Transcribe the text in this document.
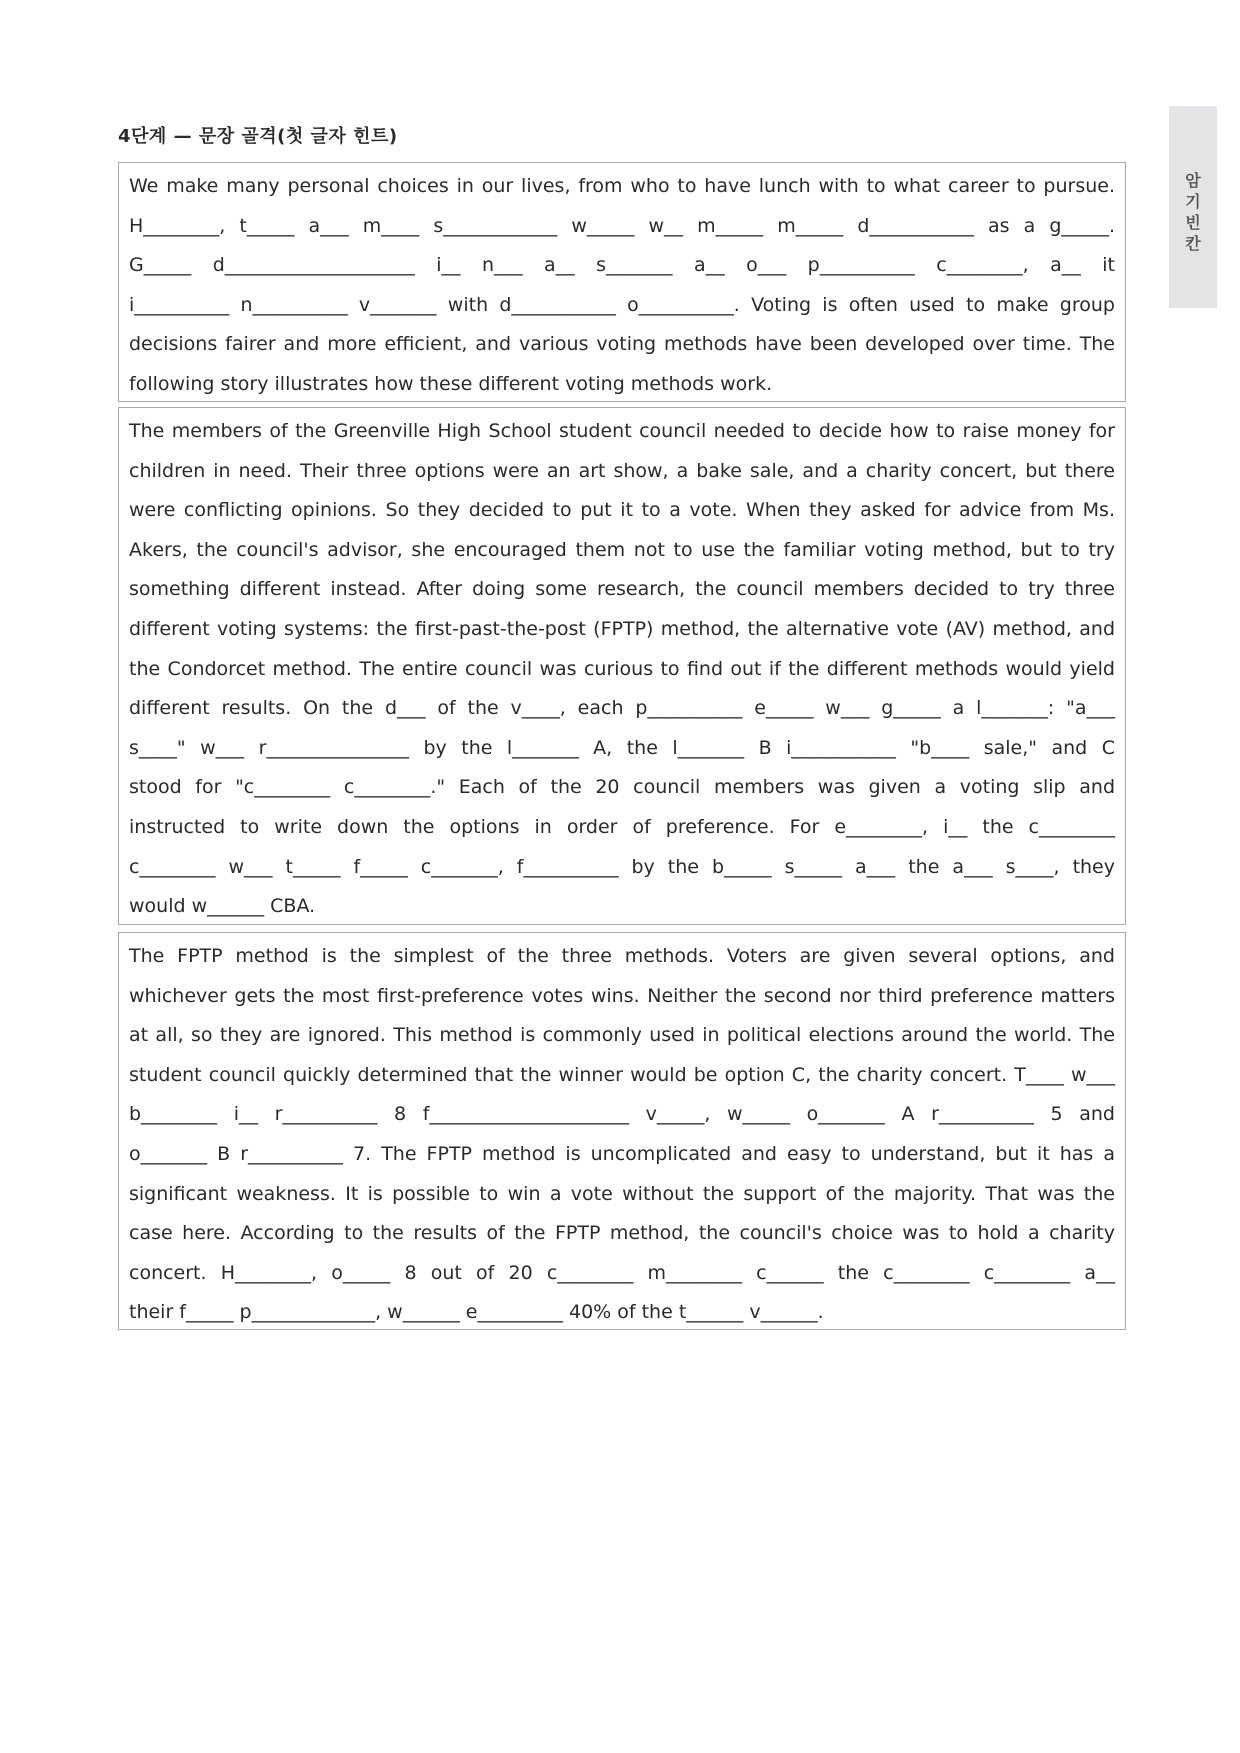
4단계 — 문장 골격(첫 글자 힌트)
암
기
빈
칸
We make many personal choices in our lives, from who to have lunch with to what career to pursue.
H________, t_____ a___ m____ s____________ w_____ w__ m_____ m_____ d___________ as a g_____.
G_____ d____________________ i__ n___ a__ s_______ a__ o___ p__________ c________, a__ it
i__________ n__________ v_______ with d___________ o__________. Voting is often used to make group
decisions fairer and more efficient, and various voting methods have been developed over time. The
following story illustrates how these different voting methods work.
The members of the Greenville High School student council needed to decide how to raise money for
children in need. Their three options were an art show, a bake sale, and a charity concert, but there
were conflicting opinions. So they decided to put it to a vote. When they asked for advice from Ms.
Akers, the council's advisor, she encouraged them not to use the familiar voting method, but to try
something different instead. After doing some research, the council members decided to try three
different voting systems: the first-past-the-post (FPTP) method, the alternative vote (AV) method, and
the Condorcet method. The entire council was curious to find out if the different methods would yield
different results. On the d___ of the v____, each p__________ e_____ w___ g_____ a l_______: "a___
s____" w___ r_______________ by the l_______ A, the l_______ B i___________ "b____ sale," and C
stood for "c________ c________." Each of the 20 council members was given a voting slip and
instructed to write down the options in order of preference. For e________, i__ the c________
c________ w___ t_____ f_____ c_______, f__________ by the b_____ s_____ a___ the a___ s____, they
would w______ CBA.
The FPTP method is the simplest of the three methods. Voters are given several options, and
whichever gets the most first-preference votes wins. Neither the second nor third preference matters
at all, so they are ignored. This method is commonly used in political elections around the world. The
student council quickly determined that the winner would be option C, the charity concert. T____ w___
b________ i__ r__________ 8 f_____________________ v_____, w_____ o_______ A r__________ 5 and
o_______ B r__________ 7. The FPTP method is uncomplicated and easy to understand, but it has a
significant weakness. It is possible to win a vote without the support of the majority. That was the
case here. According to the results of the FPTP method, the council's choice was to hold a charity
concert. H________, o_____ 8 out of 20 c________ m________ c______ the c________ c________ a__
their f_____ p_____________, w______ e_________ 40% of the t______ v______.
